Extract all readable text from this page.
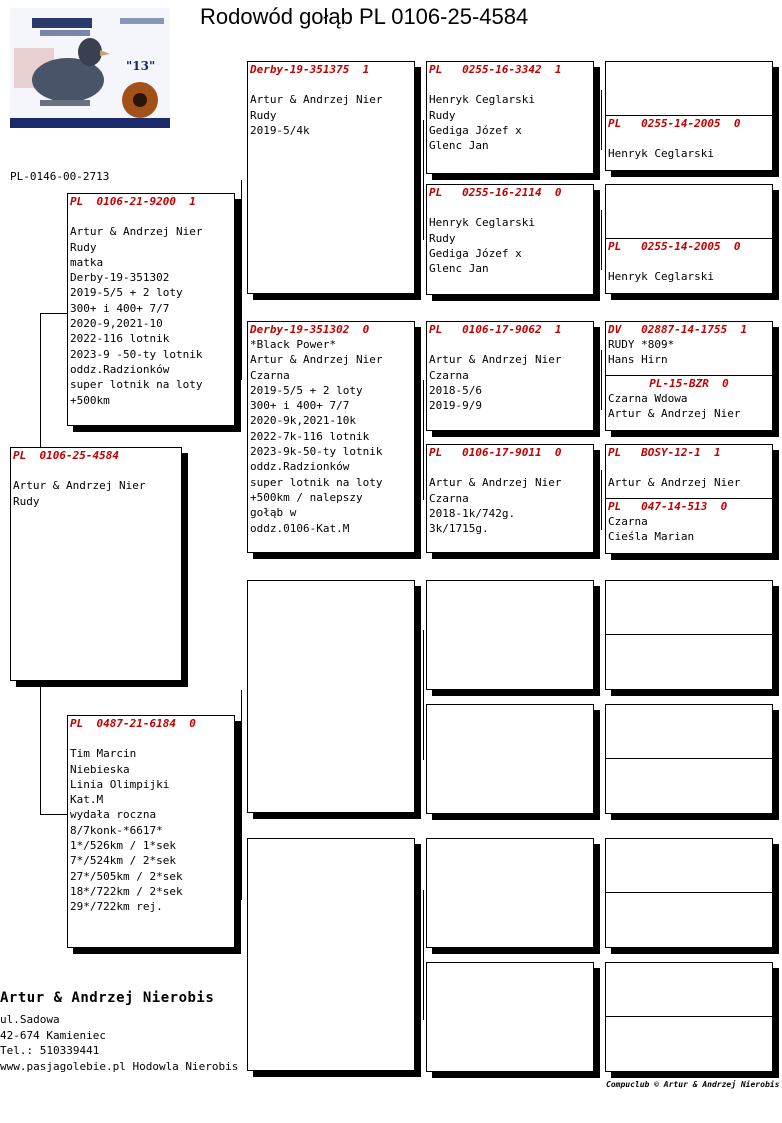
Rodowód gołąb PL 0106-25-4584
"13"
PL-0146-00-2713
PL  0106-25-4584

Artur & Andrzej Nier
Rudy
PL  0106-21-9200  1

Artur & Andrzej Nier
Rudy
matka
Derby-19-351302
2019-5/5 + 2 loty
300+ i 400+ 7/7
2020-9,2021-10
2022-116 lotnik
2023-9 -50-ty lotnik
oddz.Radzionków
super lotnik na loty
+500km
PL  0487-21-6184  0

Tim Marcin
Niebieska
Linia Olimpijki
Kat.M
wydała roczna
8/7konk-*6617*
1*/526km / 1*sek
7*/524km / 2*sek
27*/505km / 2*sek
18*/722km / 2*sek
29*/722km rej.
Derby-19-351375  1

Artur & Andrzej Nier
Rudy
2019-5/4k
Derby-19-351302  0
*Black Power*
Artur & Andrzej Nier
Czarna
2019-5/5 + 2 loty
300+ i 400+ 7/7
2020-9k,2021-10k
2022-7k-116 lotnik
2023-9k-50-ty lotnik
oddz.Radzionków
super lotnik na loty
+500km / nalepszy
gołąb w
oddz.0106-Kat.M
PL   0255-16-3342  1

Henryk Ceglarski
Rudy
Gediga Józef x
Glenc Jan
PL   0255-16-2114  0

Henryk Ceglarski
Rudy
Gediga Józef x
Glenc Jan
PL   0106-17-9062  1

Artur & Andrzej Nier
Czarna
2018-5/6
2019-9/9
PL   0106-17-9011  0

Artur & Andrzej Nier
Czarna
2018-1k/742g.
3k/1715g.
PL   0255-14-2005  0

Henryk Ceglarski
PL   0255-14-2005  0

Henryk Ceglarski
DV   02887-14-1755  1
RUDY *809*
Hans Hirn
PL-15-BZR  0
Czarna Wdowa
Artur & Andrzej Nier
PL   BOSY-12-1  1

Artur & Andrzej Nier
PL   047-14-513  0
Czarna
Cieśla Marian
Artur & Andrzej Nierobis
ul.Sadowa
42-674 Kamieniec
Tel.: 510339441
www.pasjagolebie.pl Hodowla Nierobis
Compuclub © Artur & Andrzej Nierobis
